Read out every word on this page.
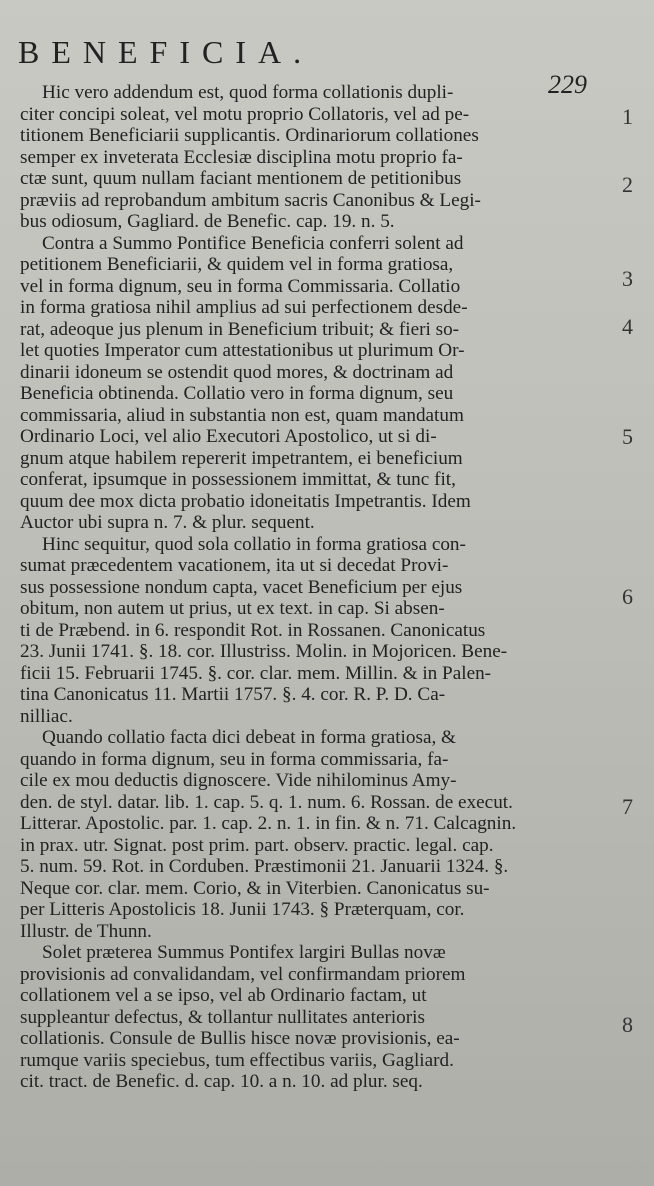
BENEFICIA.
229
Hic vero addendum est, quod forma collationis dupli-
citer concipi soleat, vel motu proprio Collatoris, vel ad pe-
titionem Beneficiarii supplicantis. Ordinariorum collationes
semper ex inveterata Ecclesiæ disciplina motu proprio fa-
ctæ sunt, quum nullam faciant mentionem de petitionibus
præviis ad reprobandum ambitum sacris Canonibus & Legi-
bus odiosum, Gagliard. de Benefic. cap. 19. n. 5.
Contra a Summo Pontifice Beneficia conferri solent ad
petitionem Beneficiarii, & quidem vel in forma gratiosa,
vel in forma dignum, seu in forma Commissaria. Collatio
in forma gratiosa nihil amplius ad sui perfectionem desde-
rat, adeoque jus plenum in Beneficium tribuit; & fieri so-
let quoties Imperator cum attestationibus ut plurimum Or-
dinarii idoneum se ostendit quod mores, & doctrinam ad
Beneficia obtinenda. Collatio vero in forma dignum, seu
commissaria, aliud in substantia non est, quam mandatum
Ordinario Loci, vel alio Executori Apostolico, ut si di-
gnum atque habilem repererit impetrantem, ei beneficium
conferat, ipsumque in possessionem immittat, & tunc fit,
quum dee mox dicta probatio idoneitatis Impetrantis. Idem
Auctor ubi supra n. 7. & plur. sequent.
Hinc sequitur, quod sola collatio in forma gratiosa con-
sumat præcedentem vacationem, ita ut si decedat Provi-
sus possessione nondum capta, vacet Beneficium per ejus
obitum, non autem ut prius, ut ex text. in cap. Si absen-
ti de Præbend. in 6. respondit Rot. in Rossanen. Canonicatus
23. Junii 1741. §. 18. cor. Illustriss. Molin. in Mojoricen. Bene-
ficii 15. Februarii 1745. §. cor. clar. mem. Millin. & in Palen-
tina Canonicatus 11. Martii 1757. §. 4. cor. R. P. D. Ca-
nilliac.
Quando collatio facta dici debeat in forma gratiosa, &
quando in forma dignum, seu in forma commissaria, fa-
cile ex mou deductis dignoscere. Vide nihilominus Amy-
den. de styl. datar. lib. 1. cap. 5. q. 1. num. 6. Rossan. de execut.
Litterar. Apostolic. par. 1. cap. 2. n. 1. in fin. & n. 71. Calcagnin.
in prax. utr. Signat. post prim. part. observ. practic. legal. cap.
5. num. 59. Rot. in Corduben. Præstimonii 21. Januarii 1324. §.
Neque cor. clar. mem. Corio, & in Viterbien. Canonicatus su-
per Litteris Apostolicis 18. Junii 1743. § Præterquam, cor.
Illustr. de Thunn.
Solet præterea Summus Pontifex largiri Bullas novæ
provisionis ad convalidandam, vel confirmandam priorem
collationem vel a se ipso, vel ab Ordinario factam, ut
suppleantur defectus, & tollantur nullitates anterioris
collationis. Consule de Bullis hisce novæ provisionis, ea-
rumque variis speciebus, tum effectibus variis, Gagliard.
cit. tract. de Benefic. d. cap. 10. a n. 10. ad plur. seq.
1
2
3
4
5
6
7
8
